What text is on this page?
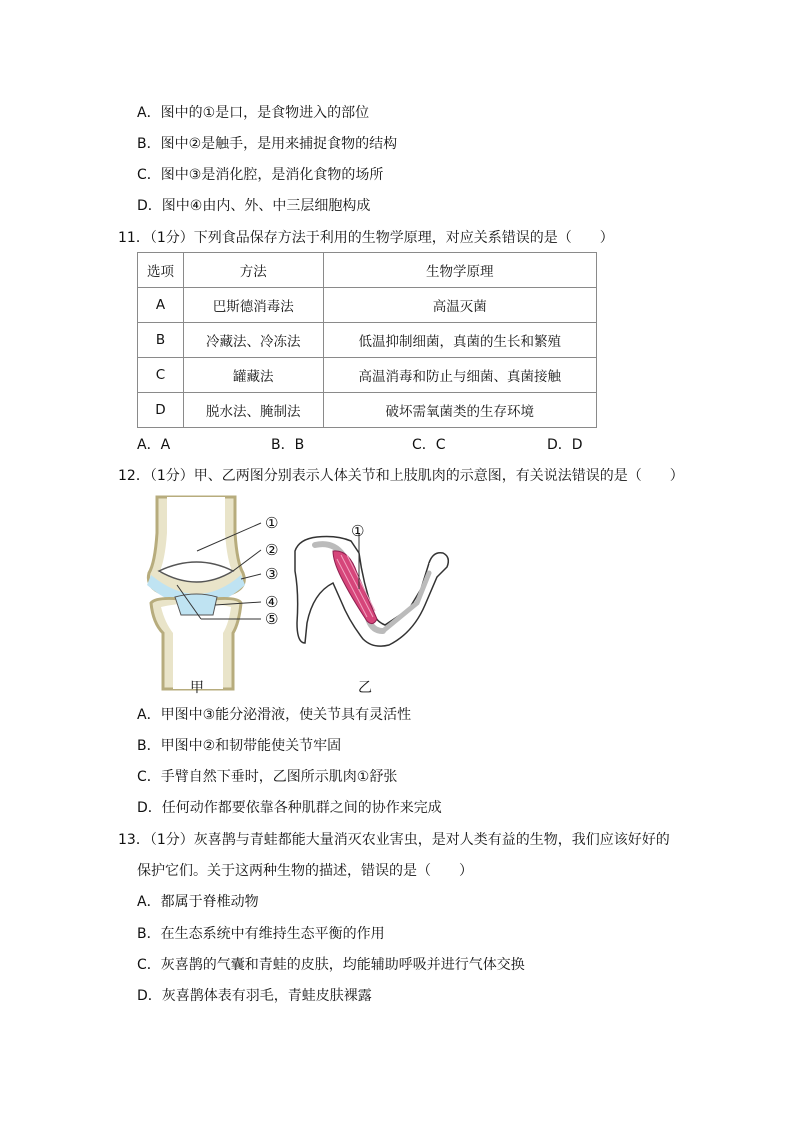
A．图中的①是口，是食物进入的部位
B．图中②是触手，是用来捕捉食物的结构
C．图中③是消化腔，是消化食物的场所
D．图中④由内、外、中三层细胞构成
11．（1分）下列食品保存方法于利用的生物学原理，对应关系错误的是（　　）
选项	方法	生物学原理
A	巴斯德消毒法	高温灭菌
B	冷藏法、冷冻法	低温抑制细菌，真菌的生长和繁殖
C	罐藏法	高温消毒和防止与细菌、真菌接触
D	脱水法、腌制法	破坏需氧菌类的生存环境
A．A	B．B	C．C	D．D
12．（1分）甲、乙两图分别表示人体关节和上肢肌肉的示意图，有关说法错误的是（　　）
①
②
③
④
⑤
①
甲	乙
A．甲图中③能分泌滑液，使关节具有灵活性
B．甲图中②和韧带能使关节牢固
C．手臂自然下垂时，乙图所示肌肉①舒张
D．任何动作都要依靠各种肌群之间的协作来完成
13．（1分）灰喜鹊与青蛙都能大量消灭农业害虫，是对人类有益的生物，我们应该好好的
保护它们。关于这两种生物的描述，错误的是（　　）
A．都属于脊椎动物
B．在生态系统中有维持生态平衡的作用
C．灰喜鹊的气囊和青蛙的皮肤，均能辅助呼吸并进行气体交换
D．灰喜鹊体表有羽毛，青蛙皮肤裸露
